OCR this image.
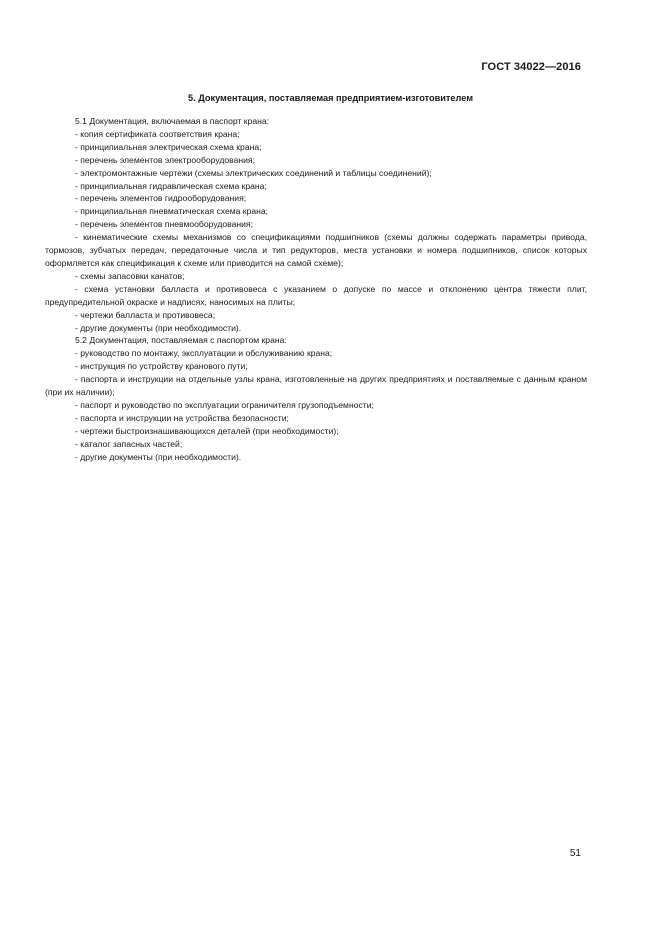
ГОСТ 34022—2016
5. Документация, поставляемая предприятием-изготовителем

5.1 Документация, включаемая в паспорт крана:

- копия сертификата соответствия крана;

- принципиальная электрическая схема крана;

- перечень элементов электрооборудования;

- электромонтажные чертежи (схемы электрических соединений и таблицы соединений);

- принципиальная гидравлическая схема крана;

- перечень элементов гидрооборудования;

- принципиальная пневматическая схема крана;

- перечень элементов пневмооборудования;

- кинематические схемы механизмов со спецификациями подшипников (схемы должны содержать параметры привода, тормозов, зубчатых передач, передаточные числа и тип редукторов, места установки и номера подшипников, список которых оформляется как спецификация к схеме или приводится на самой схеме);

- схемы запасовки канатов;

- схема установки балласта и противовеса с указанием о допуске по массе и отклонению центра тяжести плит, предупредительной окраске и надписях, наносимых на плиты;

- чертежи балласта и противовеса;

- другие документы (при необходимости).

5.2 Документация, поставляемая с паспортом крана:

- руководство по монтажу, эксплуатации и обслуживанию крана;

- инструкция по устройству кранового пути;

- паспорта и инструкции на отдельные узлы крана, изготовленные на других предприятиях и поставляемые с данным краном (при их наличии);

- паспорт и руководство по эксплуатации ограничителя грузоподъемности;

- паспорта и инструкции на устройства безопасности;

- чертежи быстроизнашивающихся деталей (при необходимости);

- каталог запасных частей;

- другие документы (при необходимости).

51
